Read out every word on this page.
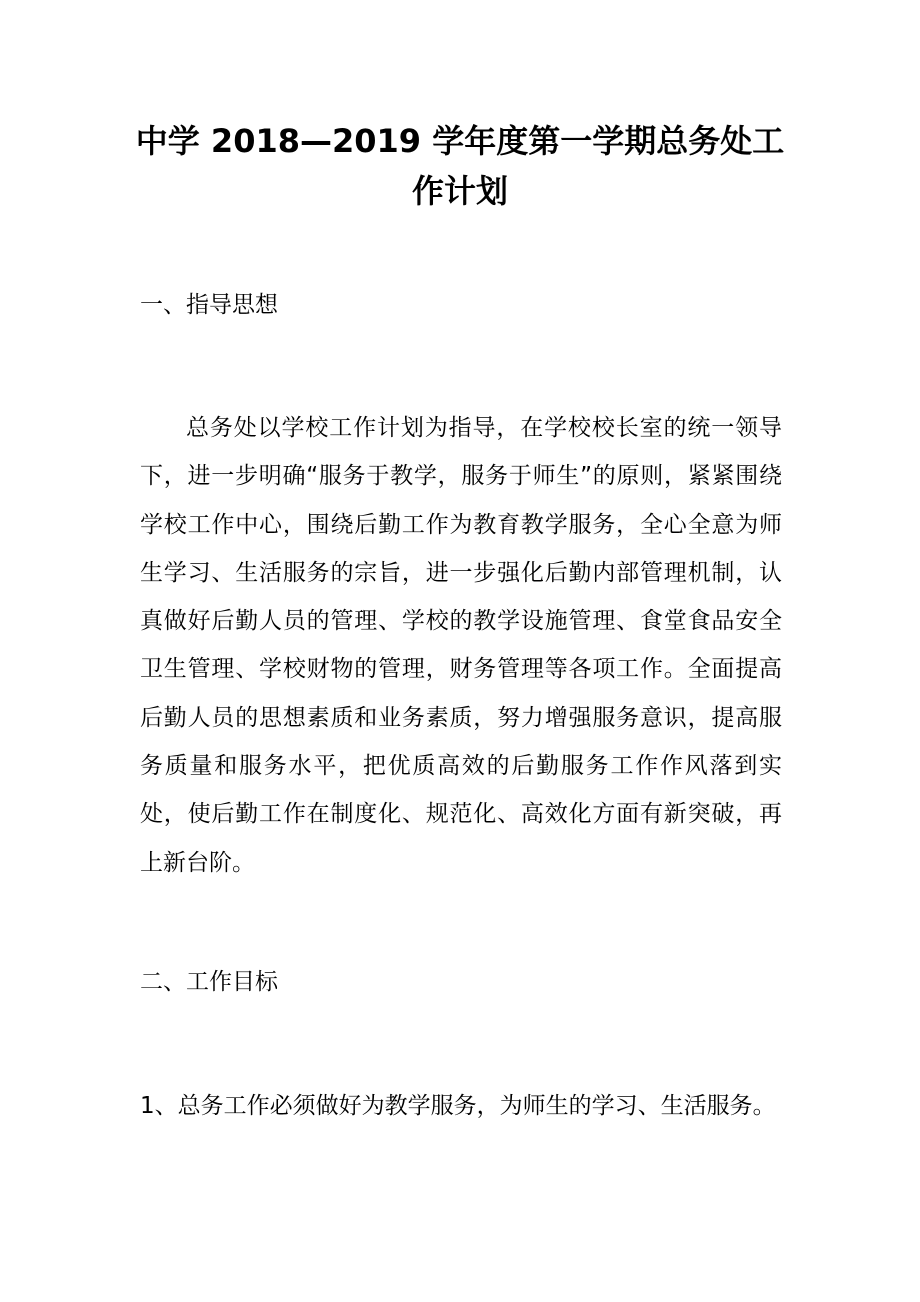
中学 2018—2019 学年度第一学期总务处工作计划
一、指导思想

总务处以学校工作计划为指导，在学校校长室的统一领导下，进一步明确“服务于教学，服务于师生”的原则，紧紧围绕学校工作中心，围绕后勤工作为教育教学服务，全心全意为师生学习、生活服务的宗旨，进一步强化后勤内部管理机制，认真做好后勤人员的管理、学校的教学设施管理、食堂食品安全卫生管理、学校财物的管理，财务管理等各项工作。全面提高后勤人员的思想素质和业务素质，努力增强服务意识，提高服务质量和服务水平，把优质高效的后勤服务工作作风落到实处，使后勤工作在制度化、规范化、高效化方面有新突破，再上新台阶。

二、工作目标

1、总务工作必须做好为教学服务，为师生的学习、生活服务。
